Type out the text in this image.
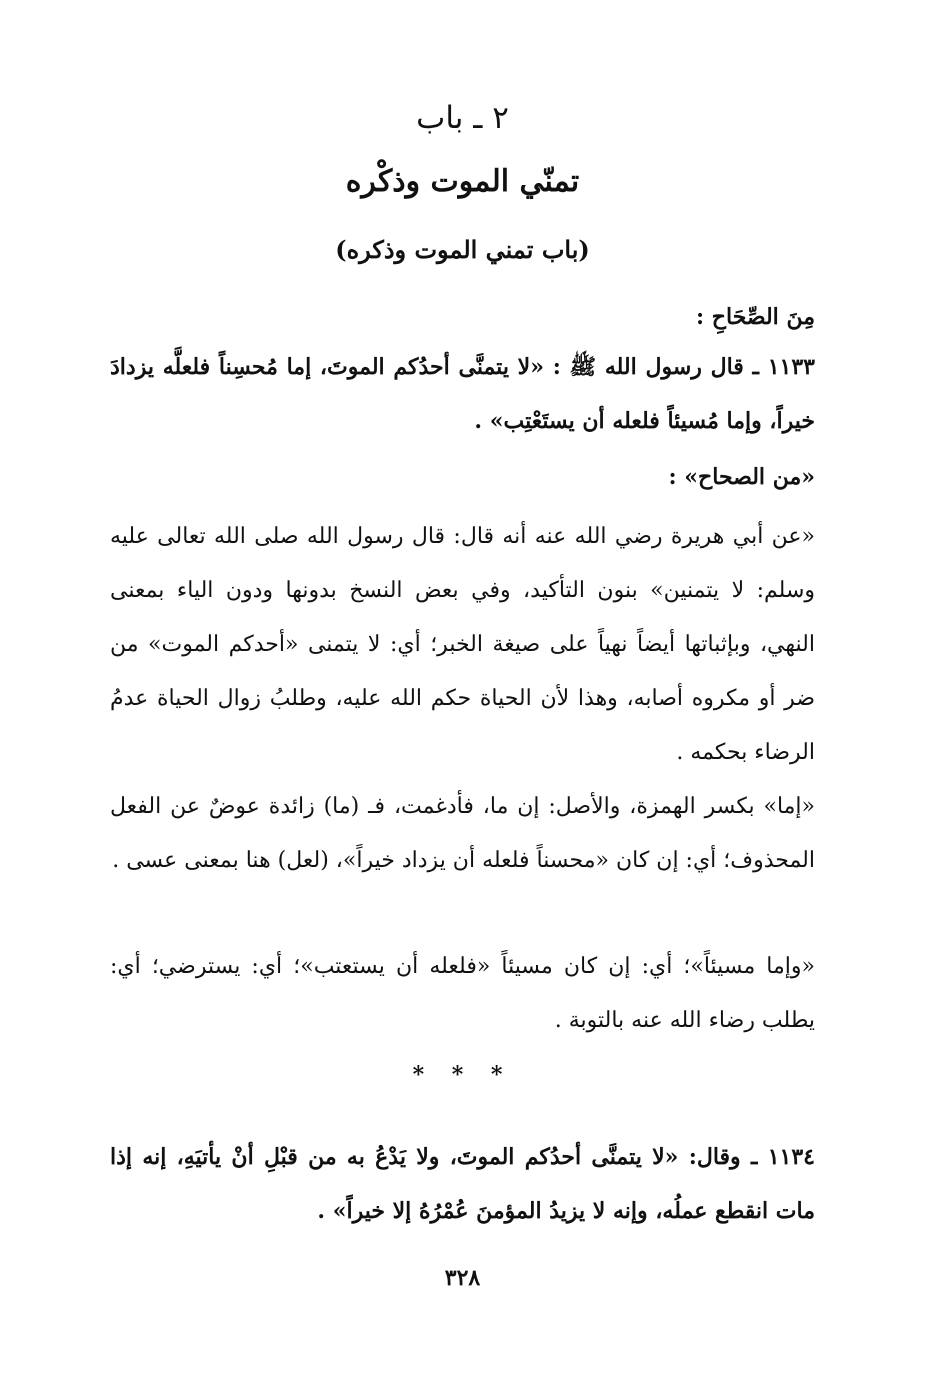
٢ ـ باب
تمنّي الموت وذكْره
(باب تمني الموت وذكره)

مِنَ الصِّحَاحِ :

١١٣٣ ـ قال رسول الله ﷺ : «لا يتمنَّى أحدُكم الموتَ، إما مُحسِناً فلعلَّه يزدادَ خيراً، وإما مُسيئاً فلعله أن يستَعْتِب» .

«من الصحاح» :

«عن أبي هريرة رضي الله عنه أنه قال: قال رسول الله صلى الله تعالى عليه وسلم: لا يتمنين» بنون التأكيد، وفي بعض النسخ بدونها ودون الياء بمعنى النهي، وبإثباتها أيضاً نهياً على صيغة الخبر؛ أي: لا يتمنى «أحدكم الموت» من ضر أو مكروه أصابه، وهذا لأن الحياة حكم الله عليه، وطلبُ زوال الحياة عدمُ الرضاء بحكمه .

«إما» بكسر الهمزة، والأصل: إن ما، فأدغمت، فـ (ما) زائدة عوضٌ عن الفعل المحذوف؛ أي: إن كان «محسناً فلعله أن يزداد خيراً»، (لعل) هنا بمعنى عسى .

«وإما مسيئاً»؛ أي: إن كان مسيئاً «فلعله أن يستعتب»؛ أي: يسترضي؛ أي: يطلب رضاء الله عنه بالتوبة .

* * *

١١٣٤ ـ وقال: «لا يتمنَّى أحدُكم الموتَ، ولا يَدْعُ به من قبْلِ أنْ يأتيَهِ، إنه إذا مات انقطع عملُه، وإنه لا يزيدُ المؤمنَ عُمْرُهُ إلا خيراً» .

٣٢٨
